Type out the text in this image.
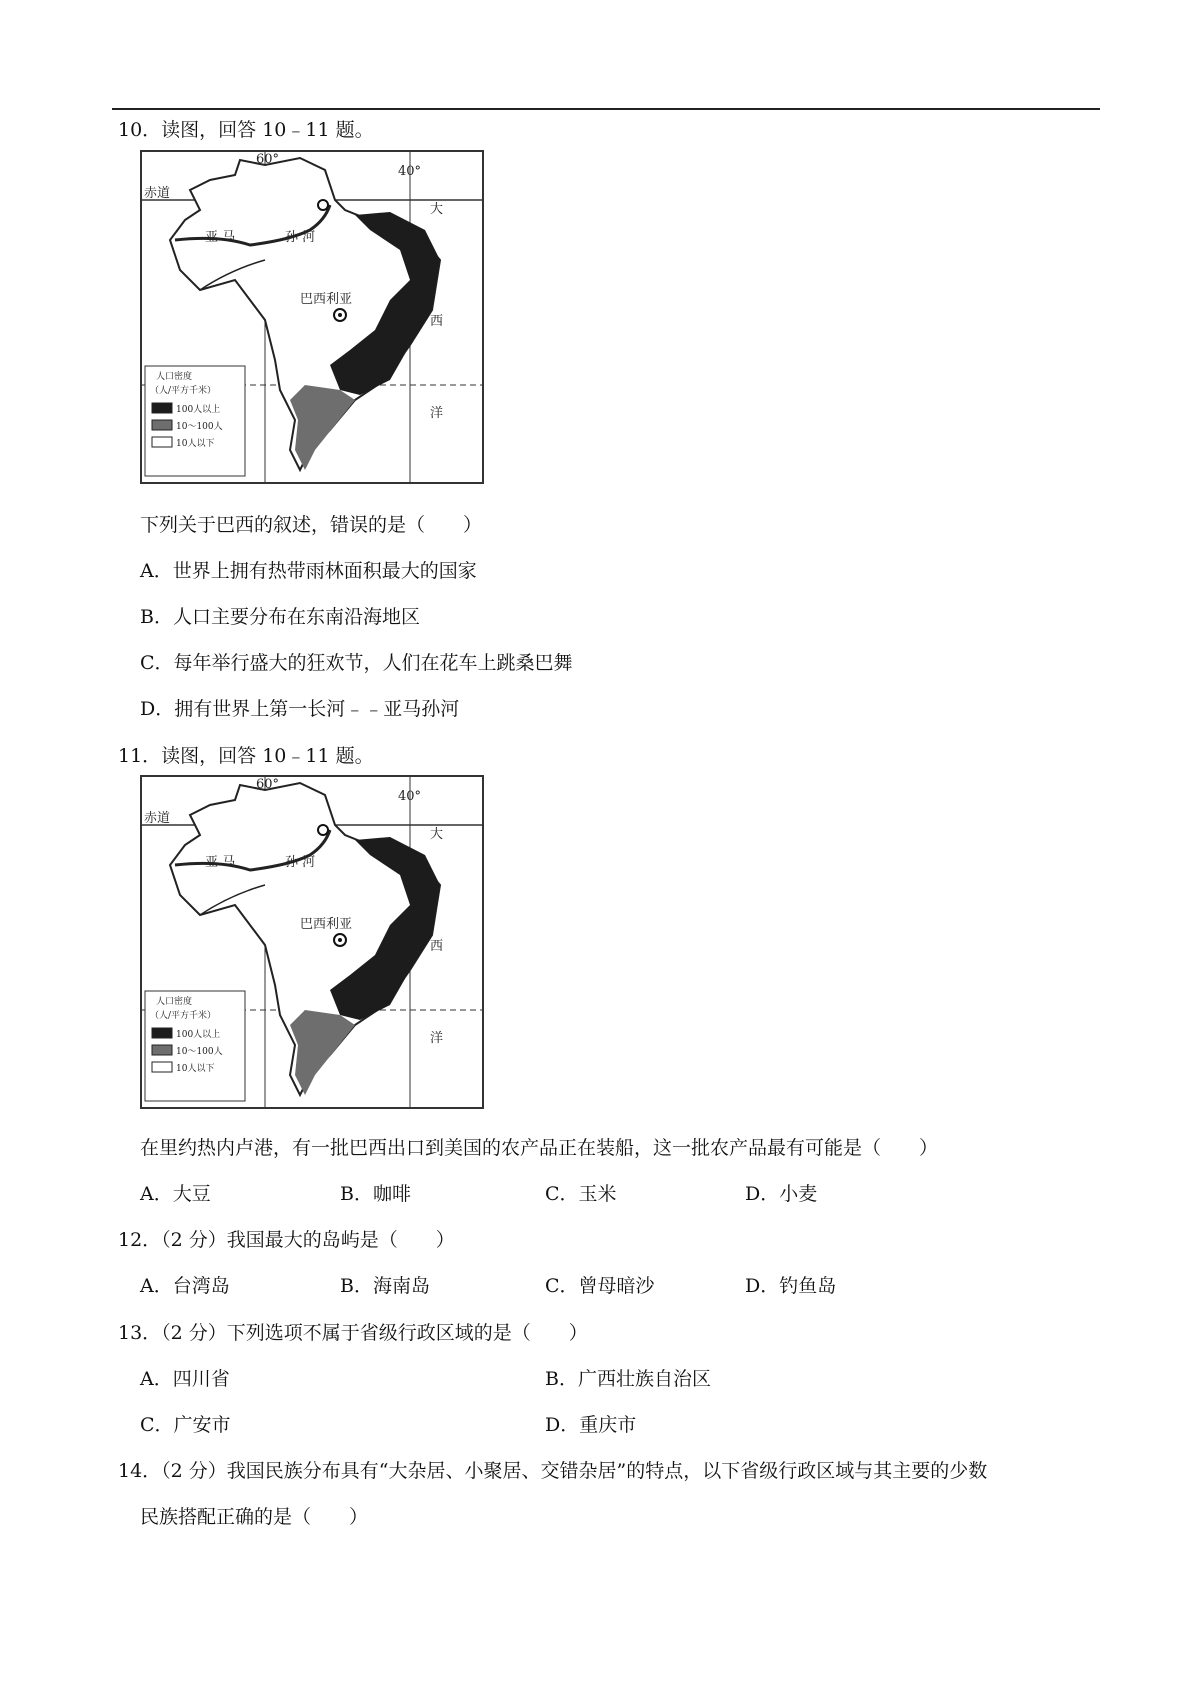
10．读图，回答 10﹣11 题。
60°
40°
赤道
亚 马	孙 河
巴西利亚
大
西
洋
人口密度
（人/平方千米）
100人以上
10～100人
10人以下
下列关于巴西的叙述，错误的是（　　）
A．世界上拥有热带雨林面积最大的国家
B．人口主要分布在东南沿海地区
C．每年举行盛大的狂欢节，人们在花车上跳桑巴舞
D．拥有世界上第一长河﹣﹣亚马孙河
11．读图，回答 10﹣11 题。
60°
40°
赤道
亚 马	孙 河
巴西利亚
大
西
洋
人口密度
（人/平方千米）
100人以上
10～100人
10人以下
在里约热内卢港，有一批巴西出口到美国的农产品正在装船，这一批农产品最有可能是（　　）
A．大豆	B．咖啡	C．玉米	D．小麦
12．（2 分）我国最大的岛屿是（　　）
A．台湾岛	B．海南岛	C．曾母暗沙	D．钓鱼岛
13．（2 分）下列选项不属于省级行政区域的是（　　）
A．四川省	B．广西壮族自治区
C．广安市	D．重庆市
14．（2 分）我国民族分布具有“大杂居、小聚居、交错杂居”的特点，以下省级行政区域与其主要的少数
民族搭配正确的是（　　）
